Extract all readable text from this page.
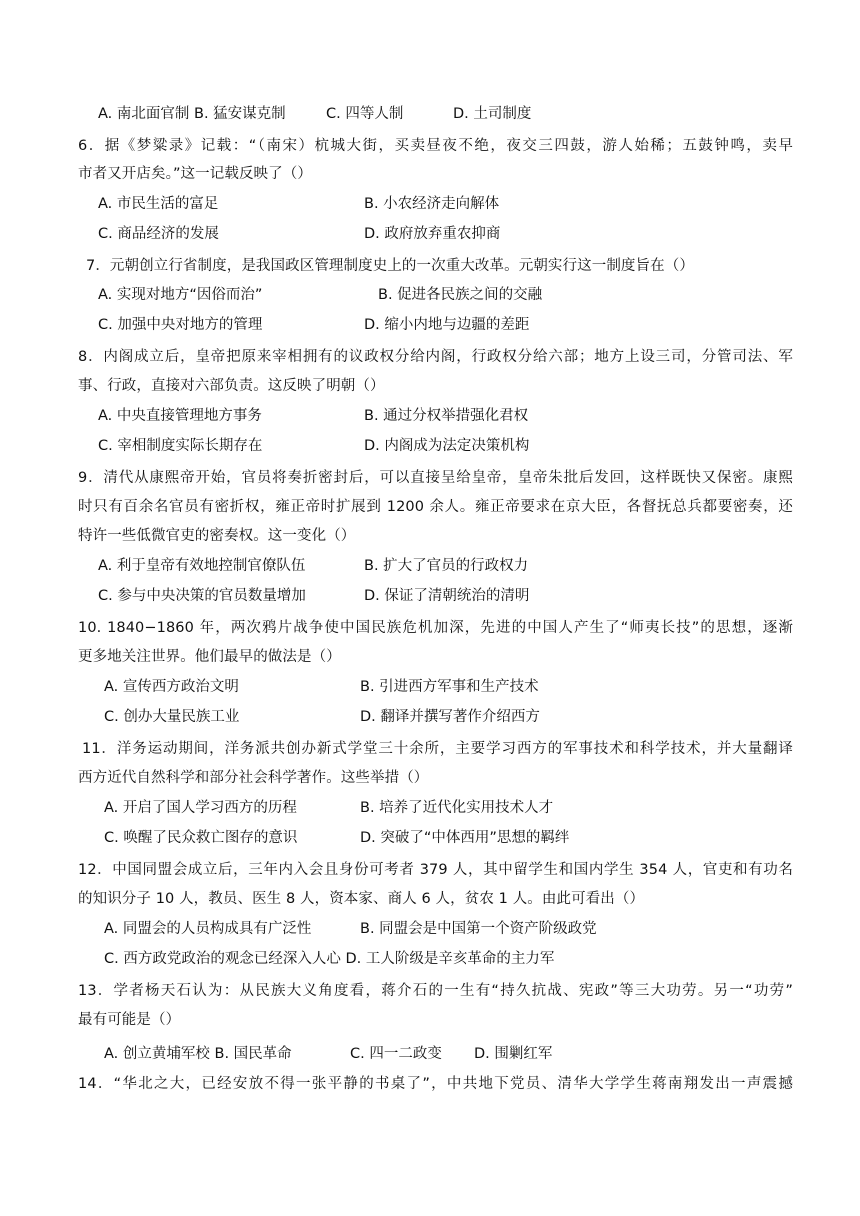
A. 南北面官制 B. 猛安谋克制	C. 四等人制	D. 土司制度
6．据《梦粱录》记载：“（南宋）杭城大街，买卖昼夜不绝，夜交三四鼓，游人始稀；五鼓钟鸣，卖早
市者又开店矣。”这一记载反映了（）
A. 市民生活的富足	B. 小农经济走向解体
C. 商品经济的发展	D. 政府放弃重农抑商
7．元朝创立行省制度，是我国政区管理制度史上的一次重大改革。元朝实行这一制度旨在（）
A. 实现对地方“因俗而治”	B. 促进各民族之间的交融
C. 加强中央对地方的管理	D. 缩小内地与边疆的差距
8．内阁成立后，皇帝把原来宰相拥有的议政权分给内阁，行政权分给六部；地方上设三司，分管司法、军
事、行政，直接对六部负责。这反映了明朝（）
A. 中央直接管理地方事务	B. 通过分权举措强化君权
C. 宰相制度实际长期存在	D. 内阁成为法定决策机构
9．清代从康熙帝开始，官员将奏折密封后，可以直接呈给皇帝，皇帝朱批后发回，这样既快又保密。康熙
时只有百余名官员有密折权，雍正帝时扩展到 1200 余人。雍正帝要求在京大臣，各督抚总兵都要密奏，还
特许一些低微官吏的密奏权。这一变化（）
A. 利于皇帝有效地控制官僚队伍	B. 扩大了官员的行政权力
C. 参与中央决策的官员数量增加	D. 保证了清朝统治的清明
10. 1840−1860 年，两次鸦片战争使中国民族危机加深，先进的中国人产生了“师夷长技”的思想，逐渐
更多地关注世界。他们最早的做法是（）
A. 宣传西方政治文明	B. 引进西方军事和生产技术
C. 创办大量民族工业	D. 翻译并撰写著作介绍西方
11．洋务运动期间，洋务派共创办新式学堂三十余所，主要学习西方的军事技术和科学技术，并大量翻译
西方近代自然科学和部分社会科学著作。这些举措（）
A. 开启了国人学习西方的历程	B. 培养了近代化实用技术人才
C. 唤醒了民众救亡图存的意识	D. 突破了“中体西用”思想的羁绊
12．中国同盟会成立后，三年内入会且身份可考者 379 人，其中留学生和国内学生 354 人，官吏和有功名
的知识分子 10 人，教员、医生 8 人，资本家、商人 6 人，贫农 1 人。由此可看出（）
A. 同盟会的人员构成具有广泛性	B. 同盟会是中国第一个资产阶级政党
C. 西方政党政治的观念已经深入人心 D. 工人阶级是辛亥革命的主力军
13．学者杨天石认为：从民族大义角度看，蒋介石的一生有“持久抗战、宪政”等三大功劳。另一“功劳”
最有可能是（）
A. 创立黄埔军校 B. 国民革命	C. 四一二政变 D. 围剿红军
14．“华北之大，已经安放不得一张平静的书桌了”，中共地下党员、清华大学学生蒋南翔发出一声震撼
